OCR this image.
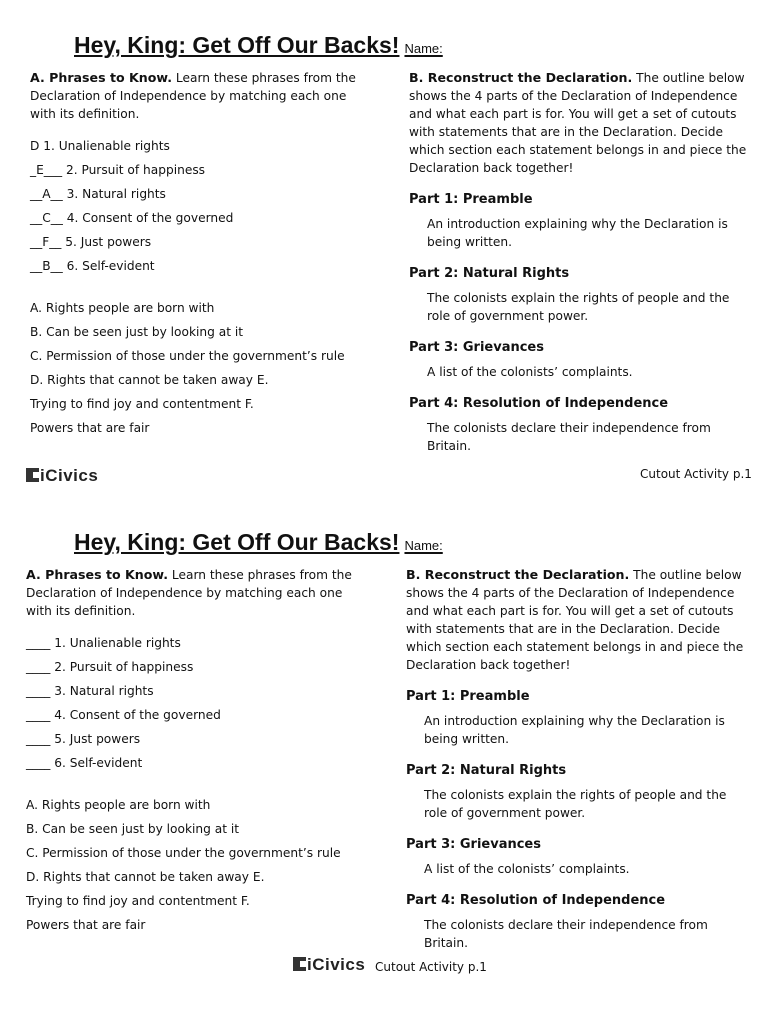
Hey, King: Get Off Our Backs! Name:
A. Phrases to Know. Learn these phrases from the Declaration of Independence by matching each one with its definition.
D 1. Unalienable rights
_E___ 2. Pursuit of happiness
__A__ 3. Natural rights
__C__ 4. Consent of the governed
__F__ 5. Just powers
__B__ 6. Self-evident
A. Rights people are born with
B. Can be seen just by looking at it
C. Permission of those under the government’s rule
D. Rights that cannot be taken away E.
Trying to find joy and contentment F.
Powers that are fair
B. Reconstruct the Declaration. The outline below shows the 4 parts of the Declaration of Independence and what each part is for. You will get a set of cutouts with statements that are in the Declaration. Decide which section each statement belongs in and piece the Declaration back together!
Part 1: Preamble
An introduction explaining why the Declaration is being written.
Part 2: Natural Rights
The colonists explain the rights of people and the role of government power.
Part 3: Grievances
A list of the colonists’ complaints.
Part 4: Resolution of Independence
The colonists declare their independence from Britain.
iCivics	Cutout Activity p.1
Hey, King: Get Off Our Backs! Name:
A. Phrases to Know. Learn these phrases from the Declaration of Independence by matching each one with its definition.
____ 1. Unalienable rights
____ 2. Pursuit of happiness
____ 3. Natural rights
____ 4. Consent of the governed
____ 5. Just powers
____ 6. Self-evident
A. Rights people are born with
B. Can be seen just by looking at it
C. Permission of those under the government’s rule
D. Rights that cannot be taken away E.
Trying to find joy and contentment F.
Powers that are fair
B. Reconstruct the Declaration. The outline below shows the 4 parts of the Declaration of Independence and what each part is for. You will get a set of cutouts with statements that are in the Declaration. Decide which section each statement belongs in and piece the Declaration back together!
Part 1: Preamble
An introduction explaining why the Declaration is being written.
Part 2: Natural Rights
The colonists explain the rights of people and the role of government power.
Part 3: Grievances
A list of the colonists’ complaints.
Part 4: Resolution of Independence
The colonists declare their independence from Britain.
iCivics Cutout Activity p.1
